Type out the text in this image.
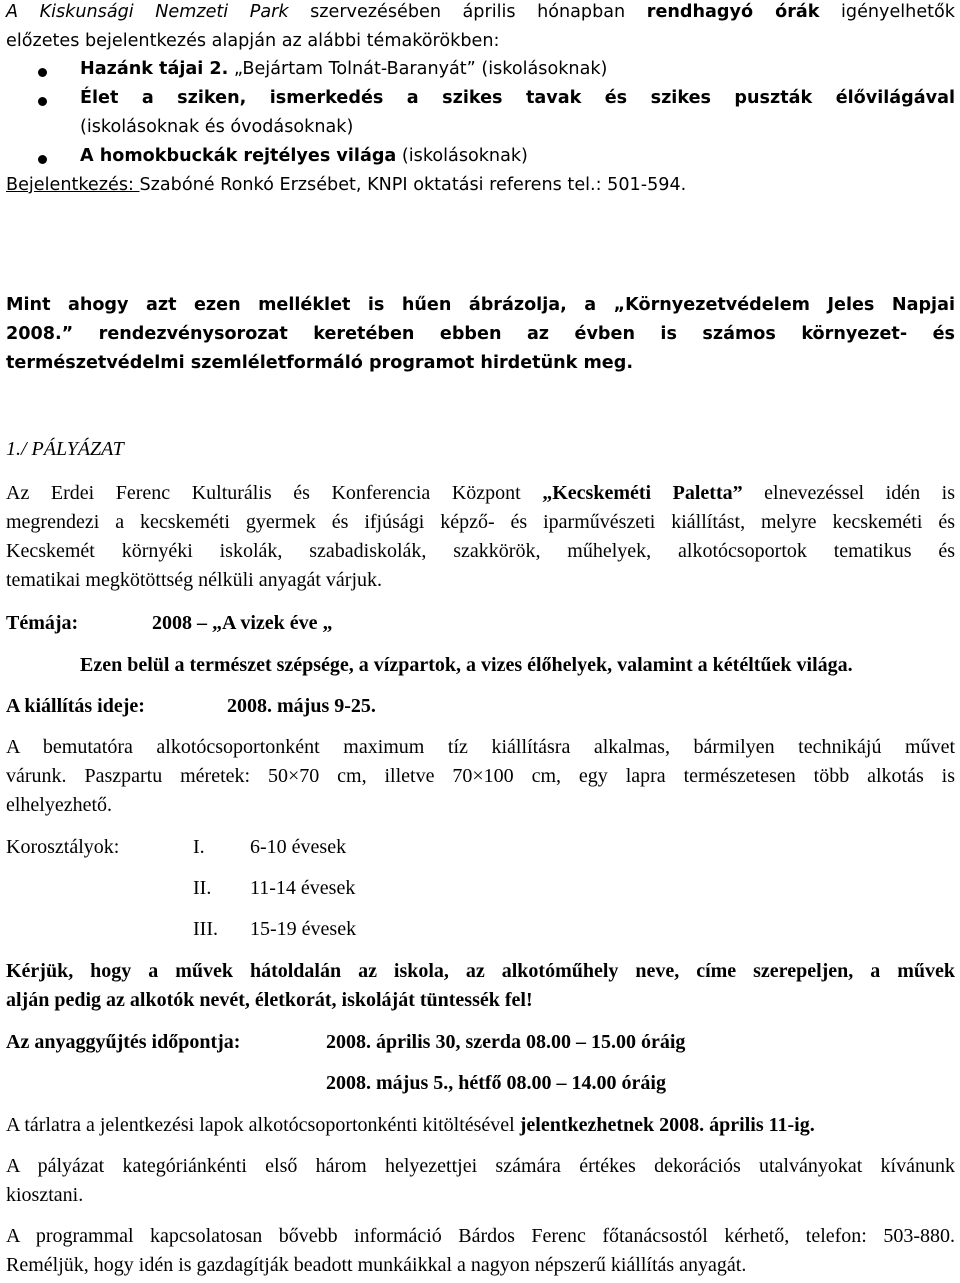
A Kiskunsági Nemzeti Park szervezésében április hónapban rendhagyó órák igényelhetők
előzetes bejelentkezés alapján az alábbi témakörökben:
Hazánk tájai 2. „Bejártam Tolnát-Baranyát” (iskolásoknak)
Élet a sziken, ismerkedés a szikes tavak és szikes puszták élővilágával
(iskolásoknak és óvodásoknak)
A homokbuckák rejtélyes világa (iskolásoknak)
Bejelentkezés: Szabóné Ronkó Erzsébet, KNPI oktatási referens tel.: 501-594.
Mint ahogy azt ezen melléklet is hűen ábrázolja, a „Környezetvédelem Jeles Napjai
2008.” rendezvénysorozat keretében ebben az évben is számos környezet- és
természetvédelmi szemléletformáló programot hirdetünk meg.
1./ PÁLYÁZAT
Az Erdei Ferenc Kulturális és Konferencia Központ „Kecskeméti Paletta” elnevezéssel idén is
megrendezi a kecskeméti gyermek és ifjúsági képző- és iparművészeti kiállítást, melyre kecskeméti és
Kecskemét környéki iskolák, szabadiskolák, szakkörök, műhelyek, alkotócsoportok tematikus és
tematikai megkötöttség nélküli anyagát várjuk.
Témája:	2008 – „A vizek éve „
Ezen belül a természet szépsége, a vízpartok, a vizes élőhelyek, valamint a kétéltűek világa.
A kiállítás ideje:	2008. május 9-25.
A bemutatóra alkotócsoportonként maximum tíz kiállításra alkalmas, bármilyen technikájú művet
várunk. Paszpartu méretek: 50×70 cm, illetve 70×100 cm, egy lapra természetesen több alkotás is
elhelyezhető.
Korosztályok:	I. 6-10 évesek
II. 11-14 évesek
III. 15-19 évesek
Kérjük, hogy a művek hátoldalán az iskola, az alkotóműhely neve, címe szerepeljen, a művek
alján pedig az alkotók nevét, életkorát, iskoláját tüntessék fel!
Az anyaggyűjtés időpontja:	2008. április 30, szerda 08.00 – 15.00 óráig
2008. május 5., hétfő 08.00 – 14.00 óráig
A tárlatra a jelentkezési lapok alkotócsoportonkénti kitöltésével jelentkezhetnek 2008. április 11-ig.
A pályázat kategóriánkénti első három helyezettjei számára értékes dekorációs utalványokat kívánunk
kiosztani.
A programmal kapcsolatosan bővebb információ Bárdos Ferenc főtanácsostól kérhető, telefon: 503-880.
Reméljük, hogy idén is gazdagítják beadott munkáikkal a nagyon népszerű kiállítás anyagát.
